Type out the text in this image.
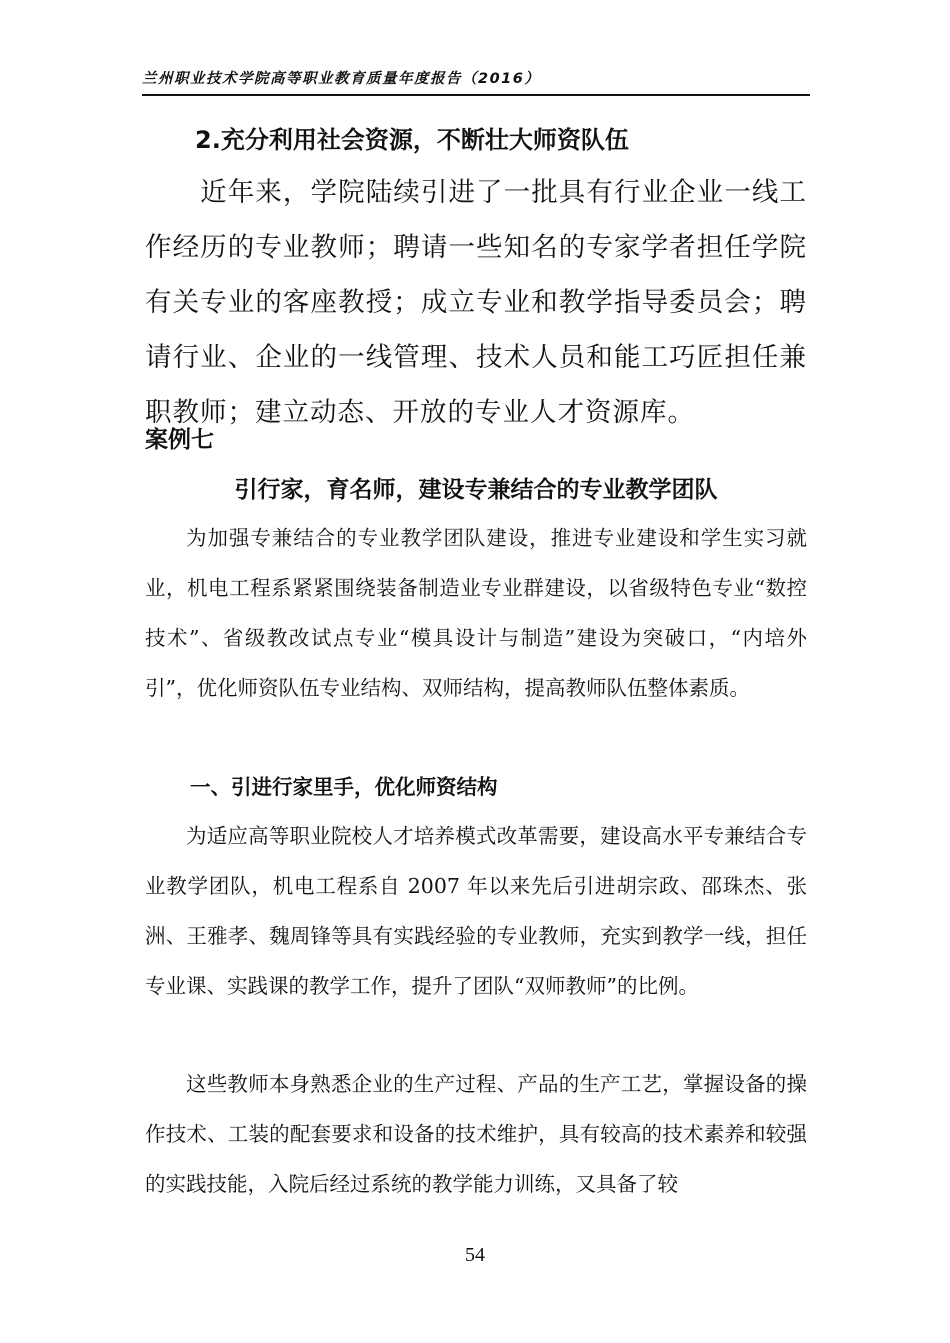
兰州职业技术学院高等职业教育质量年度报告（2016）
2.充分利用社会资源，不断壮大师资队伍
　　近年来，学院陆续引进了一批具有行业企业一线工作经历的专业教师；聘请一些知名的专家学者担任学院有关专业的客座教授；成立专业和教学指导委员会；聘请行业、企业的一线管理、技术人员和能工巧匠担任兼职教师；建立动态、开放的专业人才资源库。
案例七
引行家，育名师，建设专兼结合的专业教学团队
为加强专兼结合的专业教学团队建设，推进专业建设和学生实习就业，机电工程系紧紧围绕装备制造业专业群建设，以省级特色专业“数控技术”、省级教改试点专业“模具设计与制造”建设为突破口，“内培外引”，优化师资队伍专业结构、双师结构，提高教师队伍整体素质。
一、引进行家里手，优化师资结构
为适应高等职业院校人才培养模式改革需要，建设高水平专兼结合专业教学团队，机电工程系自 2007 年以来先后引进胡宗政、邵珠杰、张洲、王雅孝、魏周锋等具有实践经验的专业教师，充实到教学一线，担任专业课、实践课的教学工作，提升了团队“双师教师”的比例。
这些教师本身熟悉企业的生产过程、产品的生产工艺，掌握设备的操作技术、工装的配套要求和设备的技术维护，具有较高的技术素养和较强的实践技能，入院后经过系统的教学能力训练，又具备了较
54
